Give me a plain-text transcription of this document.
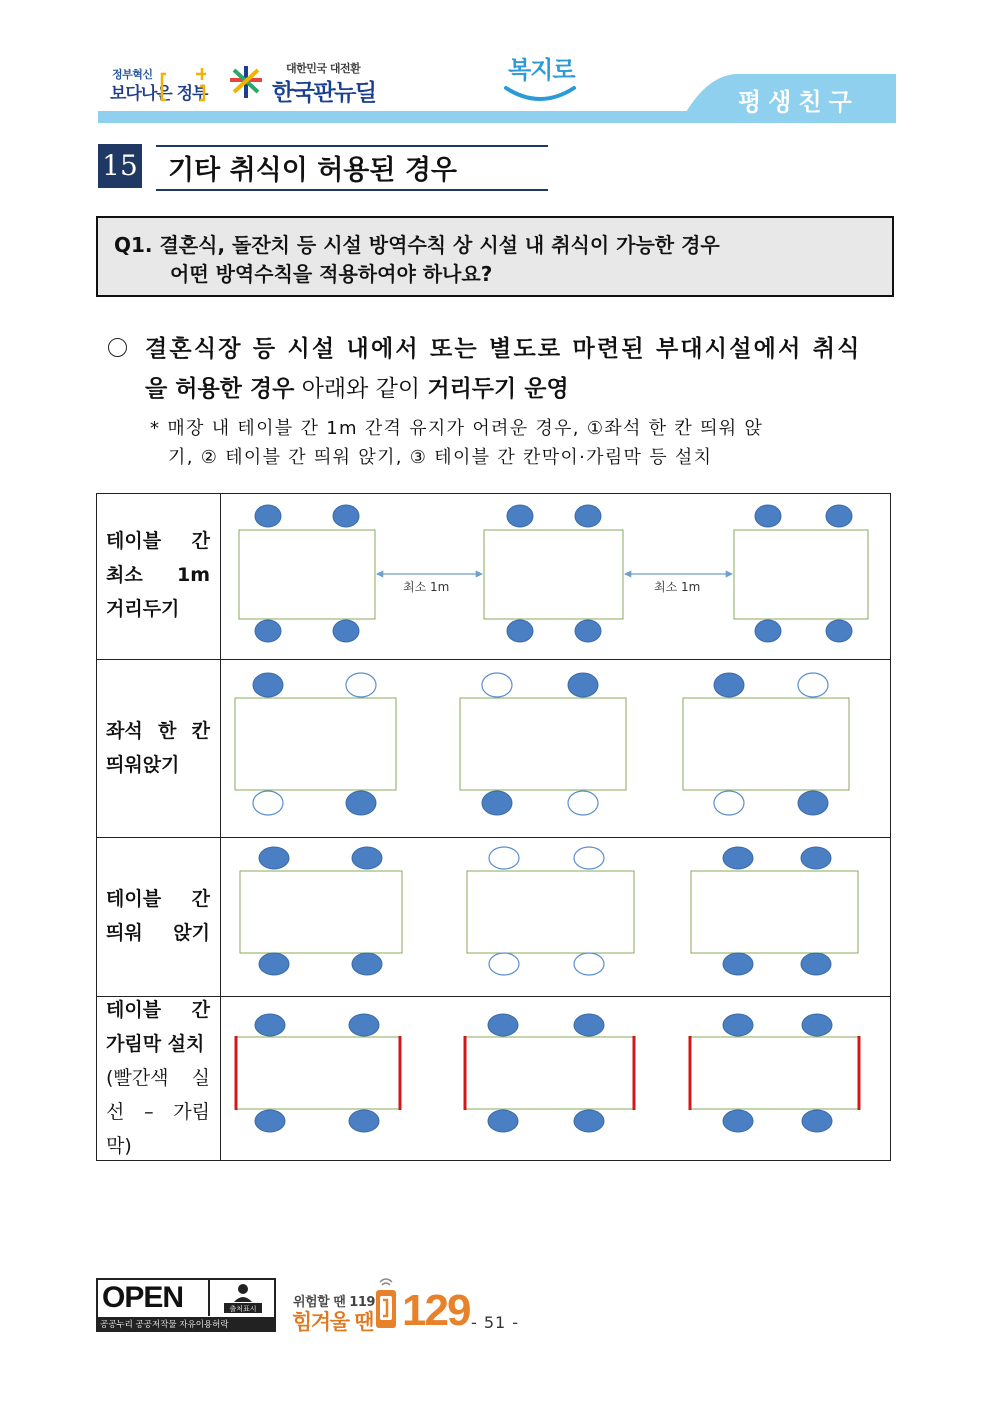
정부혁신
보다나은 정부
대한민국 대전환
한국판뉴딜
복지로
평생친구
15 기타 취식이 허용된 경우
Q1. 결혼식, 돌잔치 등 시설 방역수칙 상 시설 내 취식이 가능한 경우
어떤 방역수칙을 적용하여야 하나요?
결혼식장 등 시설 내에서 또는 별도로 마련된 부대시설에서 취식
을 허용한 경우 아래와 같이 거리두기 운영
* 매장 내 테이블 간 1m 간격 유지가 어려운 경우, ①좌석 한 칸 띄워 앉
기, ② 테이블 간 띄워 앉기, ③ 테이블 간 칸막이·가림막 등 설치
테이블 간
최소 1m
거리두기
좌석 한 칸
띄워앉기
테이블 간
띄워 앉기
테이블 간
가림막 설치
(빨간색 실
선 – 가림
막)
최소 1m	최소 1m
OPEN	출처표시
공공누리 공공저작물 자유이용허락
위험할 땐 119
힘겨울 땐 129 - 51 -
